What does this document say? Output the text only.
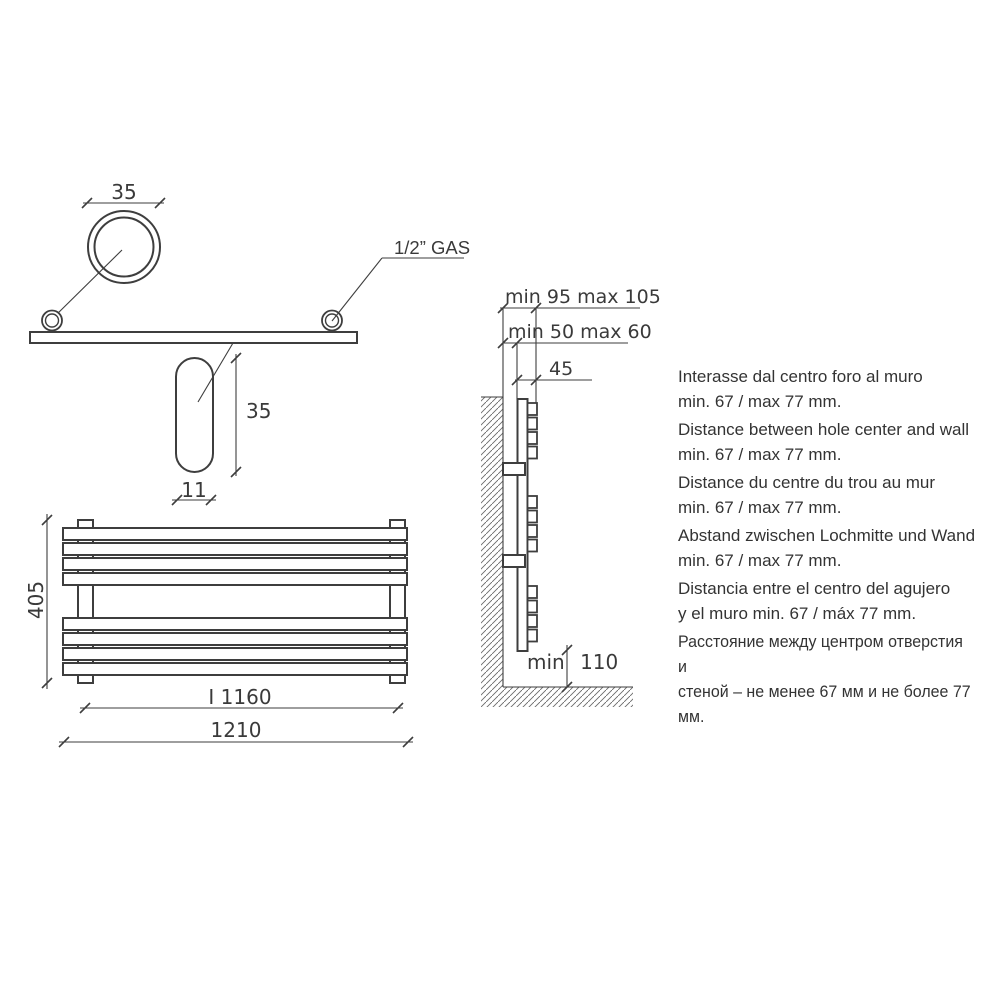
35
1/2” GAS
35
11
405
I 1160
1210
min 95 max 105
min 50 max 60
45
min 110
Interasse dal centro foro al muro
min. 67 / max 77 mm.
Distance between hole center and wall
min. 67 / max 77 mm.
Distance du centre du trou au mur
min. 67 / max 77 mm.
Abstand zwischen Lochmitte und Wand
min. 67 / max 77 mm.
Distancia entre el centro del agujero
y el muro min. 67 / máx 77 mm.
Расстояние между центром отверстия и
стеной – не менее 67 мм и не более 77 мм.
